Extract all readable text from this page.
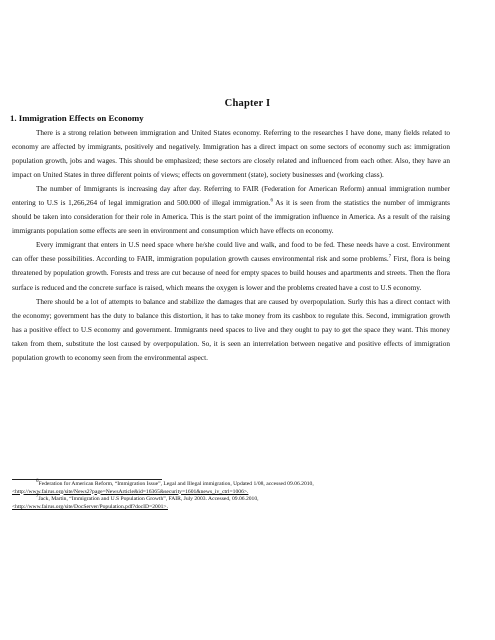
Chapter I
1. Immigration Effects on Economy

There is a strong relation between immigration and United States economy. Referring to the researches I have done, many fields related to economy are affected by immigrants, positively and negatively. Immigration has a direct impact on some sectors of economy such as: immigration population growth, jobs and wages. This should be emphasized; these sectors are closely related and influenced from each other. Also, they have an impact on United States in three different points of views; effects on government (state), society businesses and (working class).

The number of Immigrants is increasing day after day. Referring to FAIR (Federation for American Reform) annual immigration number entering to U.S is 1,266,264 of legal immigration and 500.000 of illegal immigration.$^6$ As it is seen from the statistics the number of immigrants should be taken into consideration for their role in America. This is the start point of the immigration influence in America. As a result of the raising immigrants population some effects are seen in environment and consumption which have effects on economy.

Every immigrant that enters in U.S need space where he/she could live and walk, and food to be fed. These needs have a cost. Environment can offer these possibilities. According to FAIR, immigration population growth causes environmental risk and some problems.$^7$ First, flora is being threatened by population growth. Forests and tress are cut because of need for empty spaces to build houses and apartments and streets. Then the flora surface is reduced and the concrete surface is raised, which means the oxygen is lower and the problems created have a cost to U.S economy.

There should be a lot of attempts to balance and stabilize the damages that are caused by overpopulation. Surly this has a direct contact with the economy; government has the duty to balance this distortion, it has to take money from its cashbox to regulate this. Second, immigration growth has a positive effect to U.S economy and government. Immigrants need spaces to live and they ought to pay to get the space they want. This money taken from them, substitute the lost caused by overpopulation. So, it is seen an interrelation between negative and positive effects of immigration population growth to economy seen from the environmental aspect.

$^6$Federation for American Reform, “Immigration Issue”, Legal and Illegal immigration, Updated 1/08, accessed 09.06.2010,
<http://www.fairus.org/site/News2?page=NewsArticle&id=16365&security=1601&news_iv_ctrl=1006>.
$^7$Jack, Martin, “Immigration and U.S Population Growth”, FAIR, July 2003. Accessed, 09.06.2010,
<http://www.fairus.org/site/DocServer/Population.pdf?docID=2001>.
